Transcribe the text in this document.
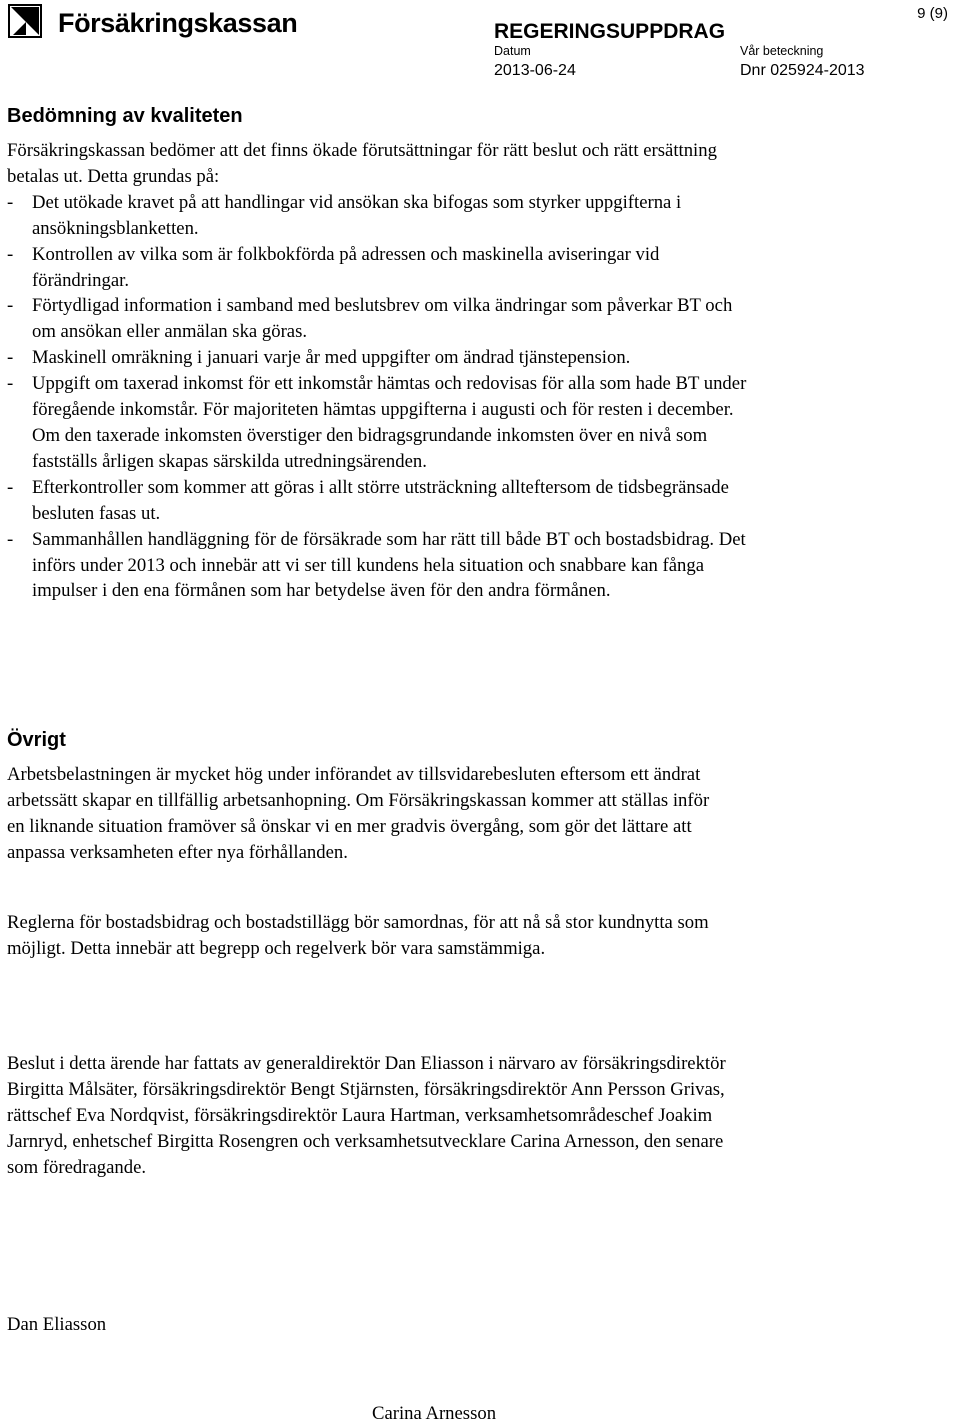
Försäkringskassan	REGERINGSUPPDRAG
Datum
2013-06-24
Vår beteckning
Dnr 025924-2013
9 (9)
Bedömning av kvaliteten

Försäkringskassan bedömer att det finns ökade förutsättningar för rätt beslut och rätt ersättning betalas ut. Detta grundas på:

- Det utökade kravet på att handlingar vid ansökan ska bifogas som styrker uppgifterna i ansökningsblanketten.
- Kontrollen av vilka som är folkbokförda på adressen och maskinella aviseringar vid förändringar.
- Förtydligad information i samband med beslutsbrev om vilka ändringar som påverkar BT och om ansökan eller anmälan ska göras.
- Maskinell omräkning i januari varje år med uppgifter om ändrad tjänstepension.
- Uppgift om taxerad inkomst för ett inkomstår hämtas och redovisas för alla som hade BT under föregående inkomstår. För majoriteten hämtas uppgifterna i augusti och för resten i december. Om den taxerade inkomsten överstiger den bidragsgrundande inkomsten över en nivå som fastställs årligen skapas särskilda utredningsärenden.
- Efterkontroller som kommer att göras i allt större utsträckning allteftersom de tidsbegränsade besluten fasas ut.
- Sammanhållen handläggning för de försäkrade som har rätt till både BT och bostadsbidrag. Det införs under 2013 och innebär att vi ser till kundens hela situation och snabbare kan fånga impulser i den ena förmånen som har betydelse även för den andra förmånen.
Övrigt

Arbetsbelastningen är mycket hög under införandet av tillsvidarebesluten eftersom ett ändrat arbetssätt skapar en tillfällig arbetsanhopning. Om Försäkringskassan kommer att ställas inför en liknande situation framöver så önskar vi en mer gradvis övergång, som gör det lättare att anpassa verksamheten efter nya förhållanden.

Reglerna för bostadsbidrag och bostadstillägg bör samordnas, för att nå så stor kundnytta som möjligt. Detta innebär att begrepp och regelverk bör vara samstämmiga.

Beslut i detta ärende har fattats av generaldirektör Dan Eliasson i närvaro av försäkringsdirektör Birgitta Målsäter, försäkringsdirektör Bengt Stjärnsten, försäkringsdirektör Ann Persson Grivas, rättschef Eva Nordqvist, försäkringsdirektör Laura Hartman, verksamhetsområdeschef Joakim Jarnryd, enhetschef Birgitta Rosengren och verksamhetsutvecklare Carina Arnesson, den senare som föredragande.

Dan Eliasson
Carina Arnesson
